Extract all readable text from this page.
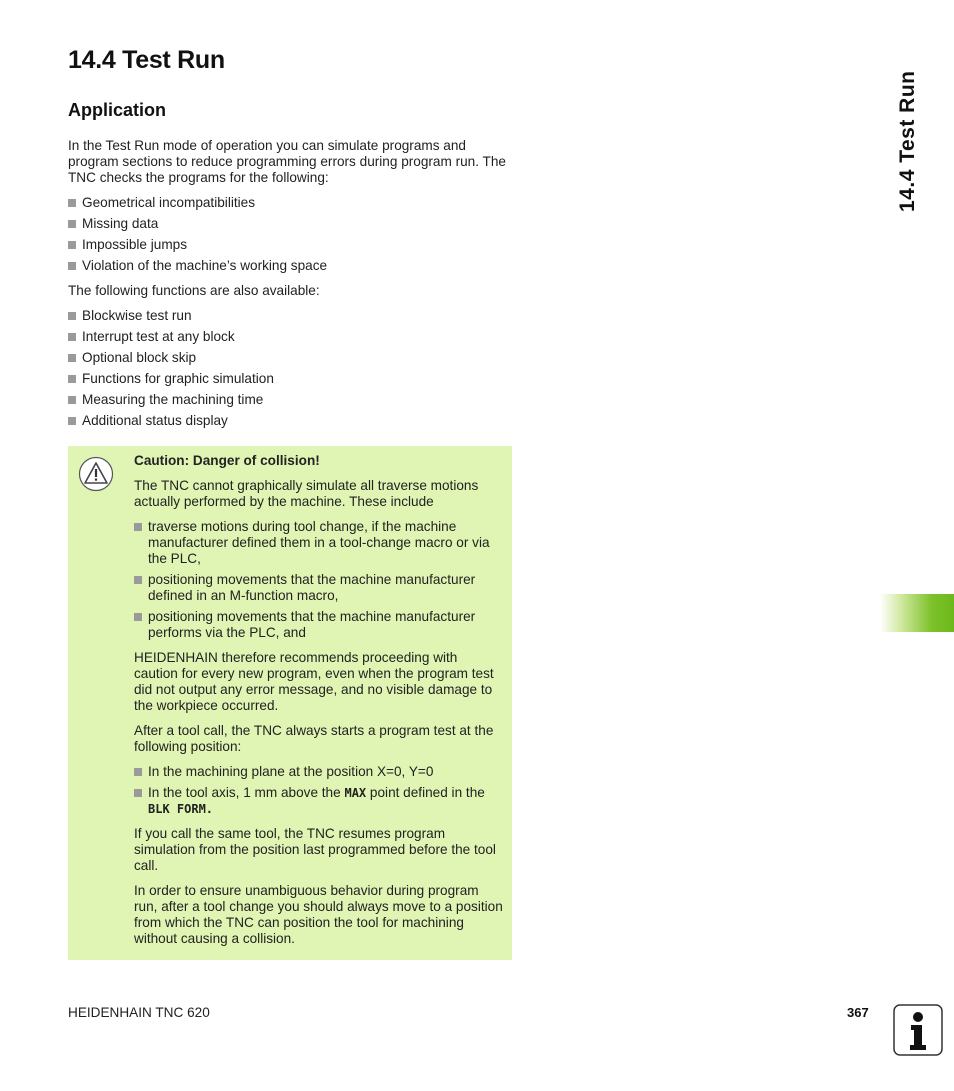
14.4 Test Run
Application

In the Test Run mode of operation you can simulate programs and program sections to reduce programming errors during program run. The TNC checks the programs for the following:

Geometrical incompatibilities
Missing data
Impossible jumps
Violation of the machine’s working space

The following functions are also available:

Blockwise test run
Interrupt test at any block
Optional block skip
Functions for graphic simulation
Measuring the machining time
Additional status display

Caution: Danger of collision!

The TNC cannot graphically simulate all traverse motions actually performed by the machine. These include

traverse motions during tool change, if the machine manufacturer defined them in a tool-change macro or via the PLC,
positioning movements that the machine manufacturer defined in an M-function macro,
positioning movements that the machine manufacturer performs via the PLC, and

HEIDENHAIN therefore recommends proceeding with caution for every new program, even when the program test did not output any error message, and no visible damage to the workpiece occurred.

After a tool call, the TNC always starts a program test at the following position:

In the machining plane at the position X=0, Y=0
In the tool axis, 1 mm above the MAX point defined in the BLK FORM.

If you call the same tool, the TNC resumes program simulation from the position last programmed before the tool call.

In order to ensure unambiguous behavior during program run, after a tool change you should always move to a position from which the TNC can position the tool for machining without causing a collision.

14.4 Test Run
HEIDENHAIN TNC 620	367
